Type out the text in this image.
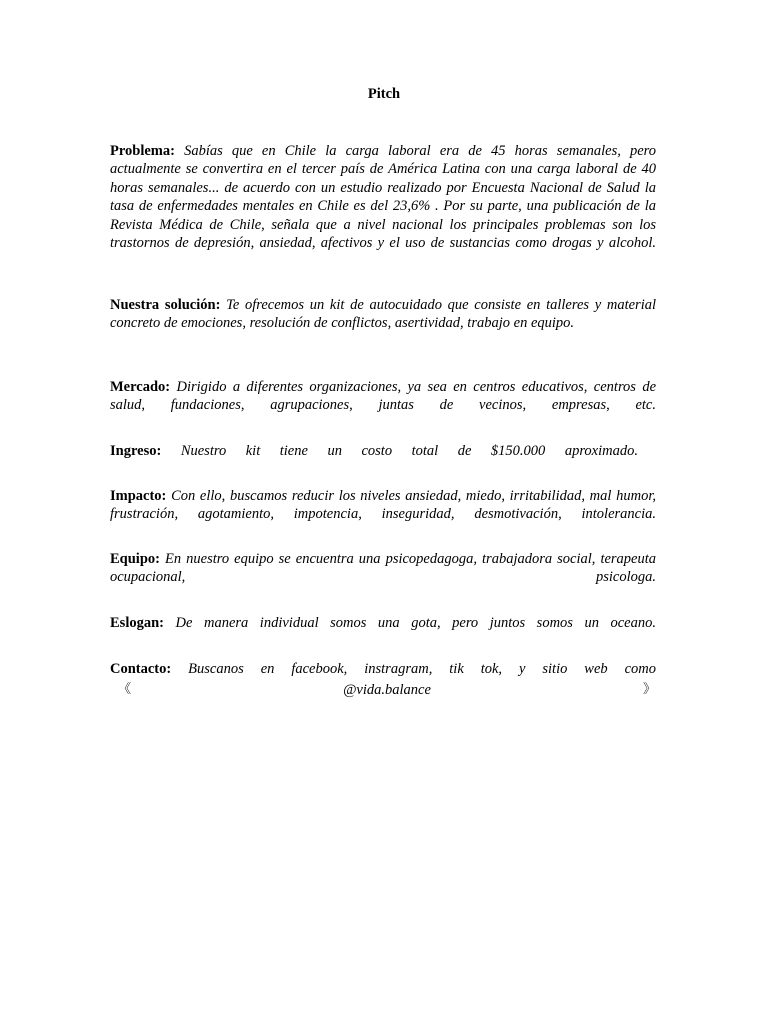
Pitch
Problema: Sabías que en Chile la carga laboral era de 45 horas semanales, pero actualmente se convertira en el tercer país de América Latina con una carga laboral de 40 horas semanales... de acuerdo con un estudio realizado por Encuesta Nacional de Salud la tasa de enfermedades mentales en Chile es del 23,6% . Por su parte, una publicación de la Revista Médica de Chile, señala que a nivel nacional los principales problemas son los trastornos de depresión, ansiedad, afectivos y el uso de sustancias como drogas y alcohol.
Nuestra solución: Te ofrecemos un kit de autocuidado que consiste en talleres y material concreto de emociones, resolución de conflictos, asertividad, trabajo en equipo.
Mercado: Dirigido a diferentes organizaciones, ya sea en centros educativos, centros de salud, fundaciones, agrupaciones, juntas de vecinos, empresas, etc.
Ingreso: Nuestro kit tiene un costo total de $150.000 aproximado.
Impacto: Con ello, buscamos reducir los niveles ansiedad, miedo, irritabilidad, mal humor, frustración, agotamiento, impotencia, inseguridad, desmotivación, intolerancia.
Equipo: En nuestro equipo se encuentra una psicopedagoga, trabajadora social, terapeuta ocupacional, psicologa.
Eslogan: De manera individual somos una gota, pero juntos somos un oceano.
Contacto: Buscanos en facebook, instragram, tik tok, y sitio web como
《	@vida.balance	》
